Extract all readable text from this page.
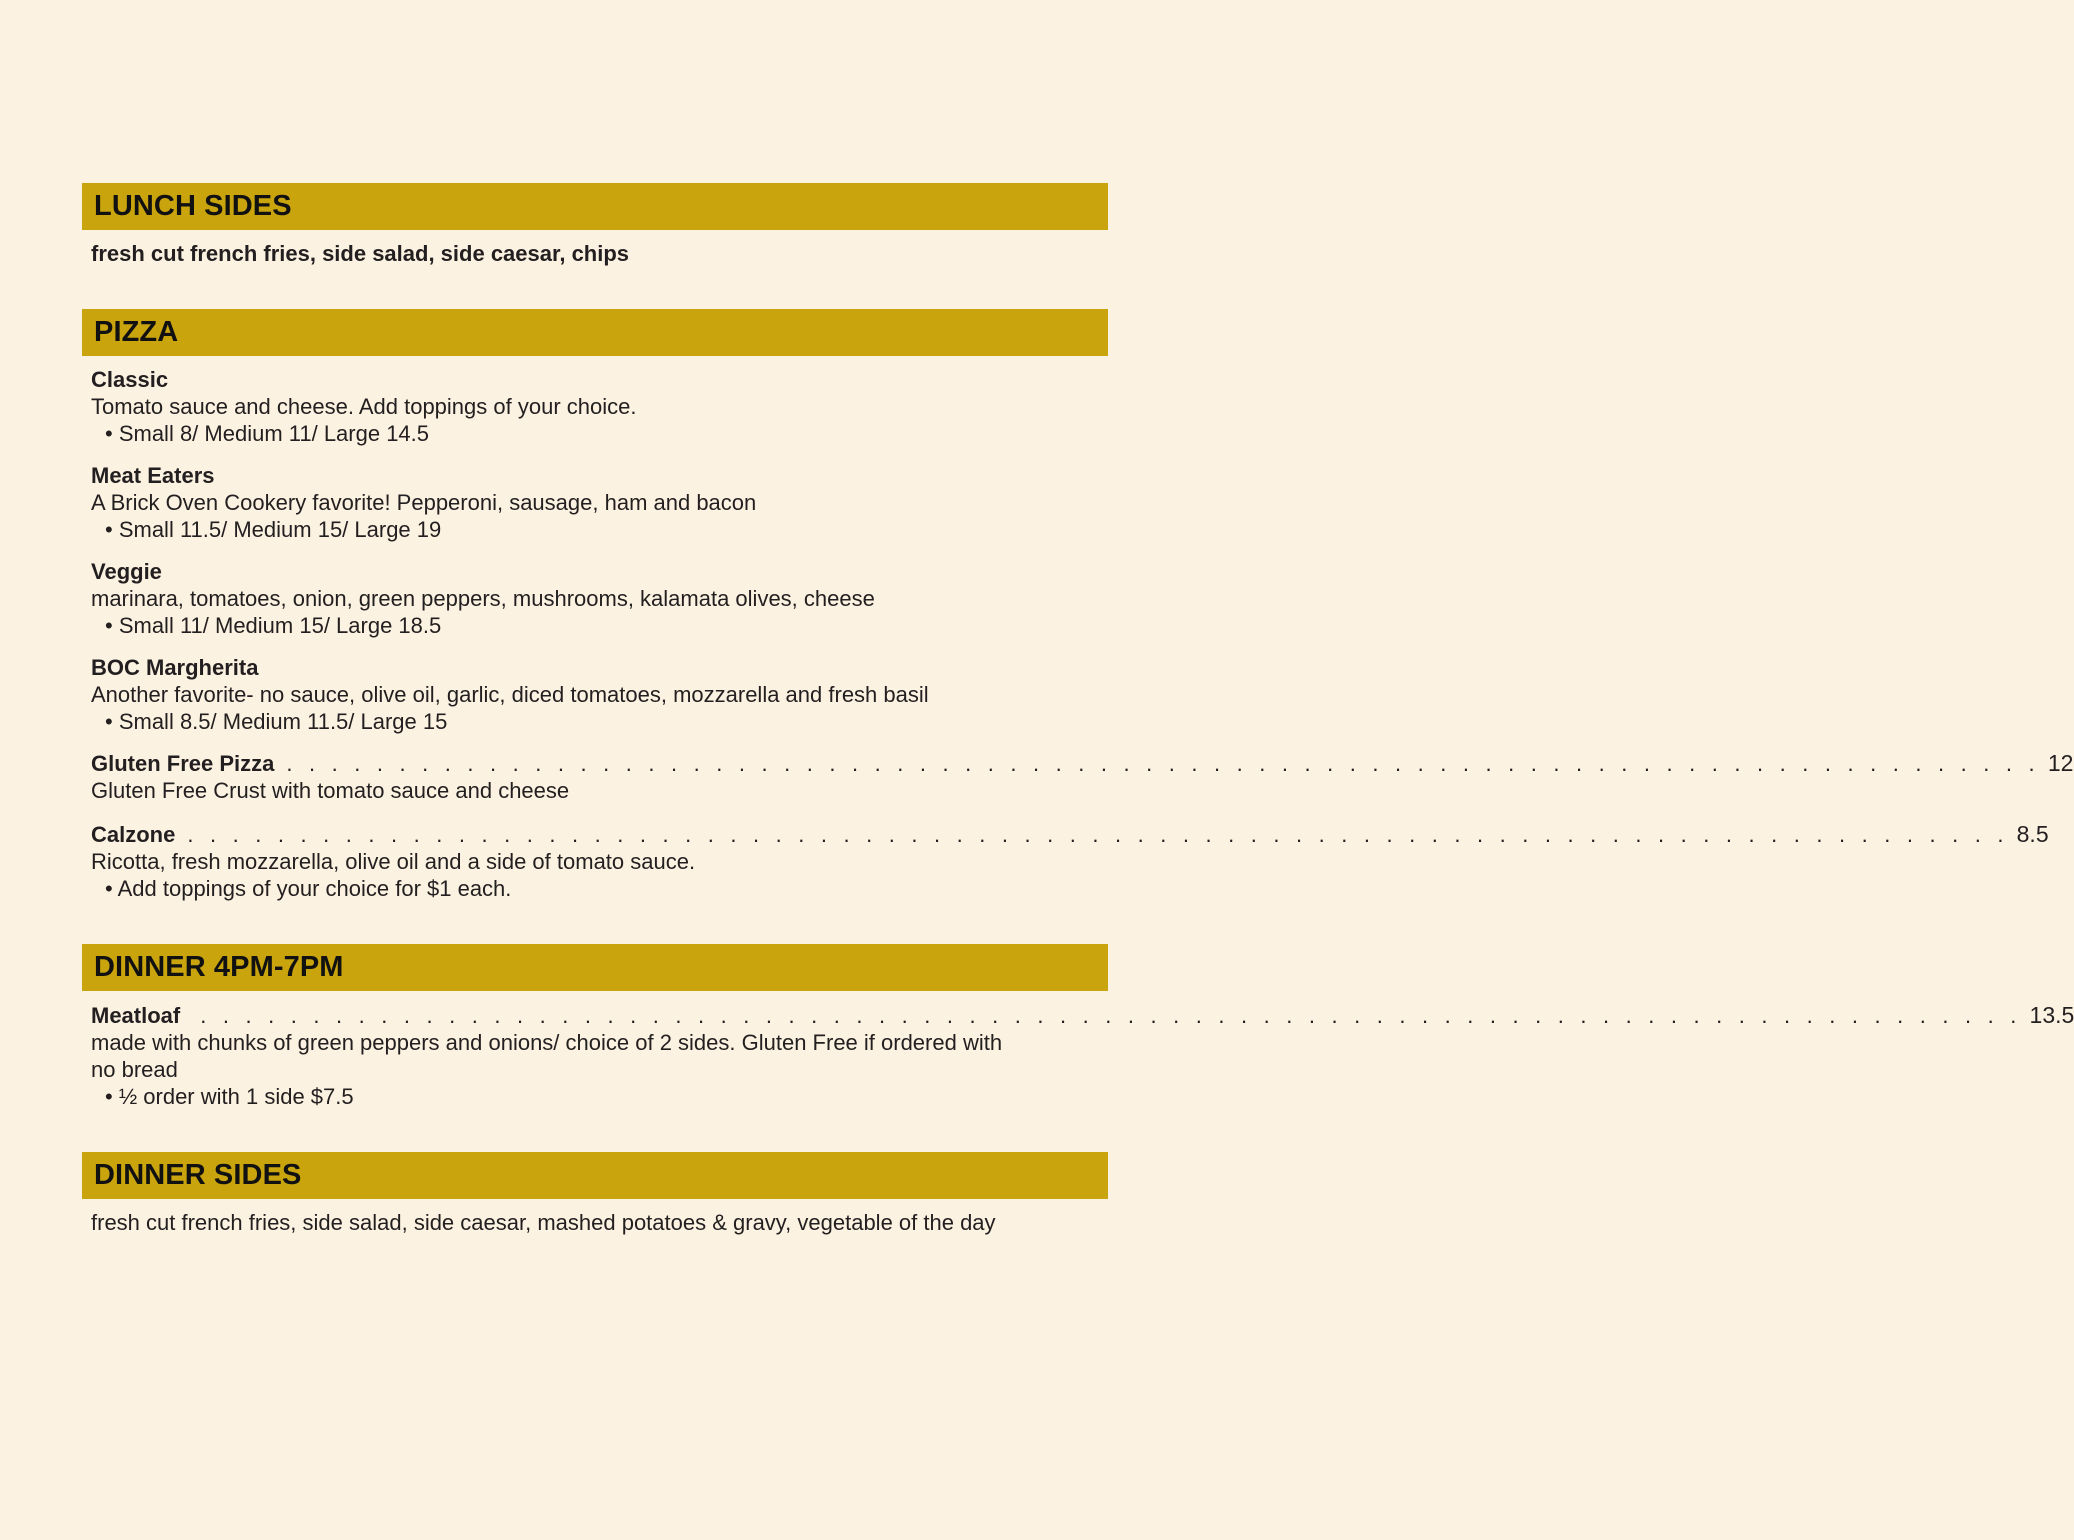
LUNCH SIDES
fresh cut french fries, side salad, side caesar, chips
PIZZA
Classic
Tomato sauce and cheese. Add toppings of your choice.
• Small 8/ Medium 11/ Large 14.5
Meat Eaters
A Brick Oven Cookery favorite! Pepperoni, sausage, ham and bacon
• Small 11.5/ Medium 15/ Large 19
Veggie
marinara, tomatoes, onion, green peppers, mushrooms, kalamata olives, cheese
• Small 11/ Medium 15/ Large 18.5
BOC Margherita
Another favorite- no sauce, olive oil, garlic, diced tomatoes, mozzarella and fresh basil
• Small 8.5/ Medium 11.5/ Large 15
Gluten Free Pizza . . . . . . . . . . . . . . . . . . . . . . . . . . . . . . . . . . . . . . . . . . . . . . . . . . . . . . . . . . . . . . . . . . . . . . . . . . . . . . 12
Gluten Free Crust with tomato sauce and cheese
Calzone . . . . . . . . . . . . . . . . . . . . . . . . . . . . . . . . . . . . . . . . . . . . . . . . . . . . . . . . . . . . . . . . . . . . . . . . . . . . . . . . . 8.5
Ricotta, fresh mozzarella, olive oil and a side of tomato sauce.
• Add toppings of your choice for $1 each.
DINNER 4PM-7PM
Meatloaf . . . . . . . . . . . . . . . . . . . . . . . . . . . . . . . . . . . . . . . . . . . . . . . . . . . . . . . . . . . . . . . . . . . . . . . . . . . . . . . . . 13.5
made with chunks of green peppers and onions/ choice of 2 sides. Gluten Free if ordered with no bread
• ½ order with 1 side $7.5
DINNER SIDES
fresh cut french fries, side salad, side caesar, mashed potatoes & gravy, vegetable of the day
